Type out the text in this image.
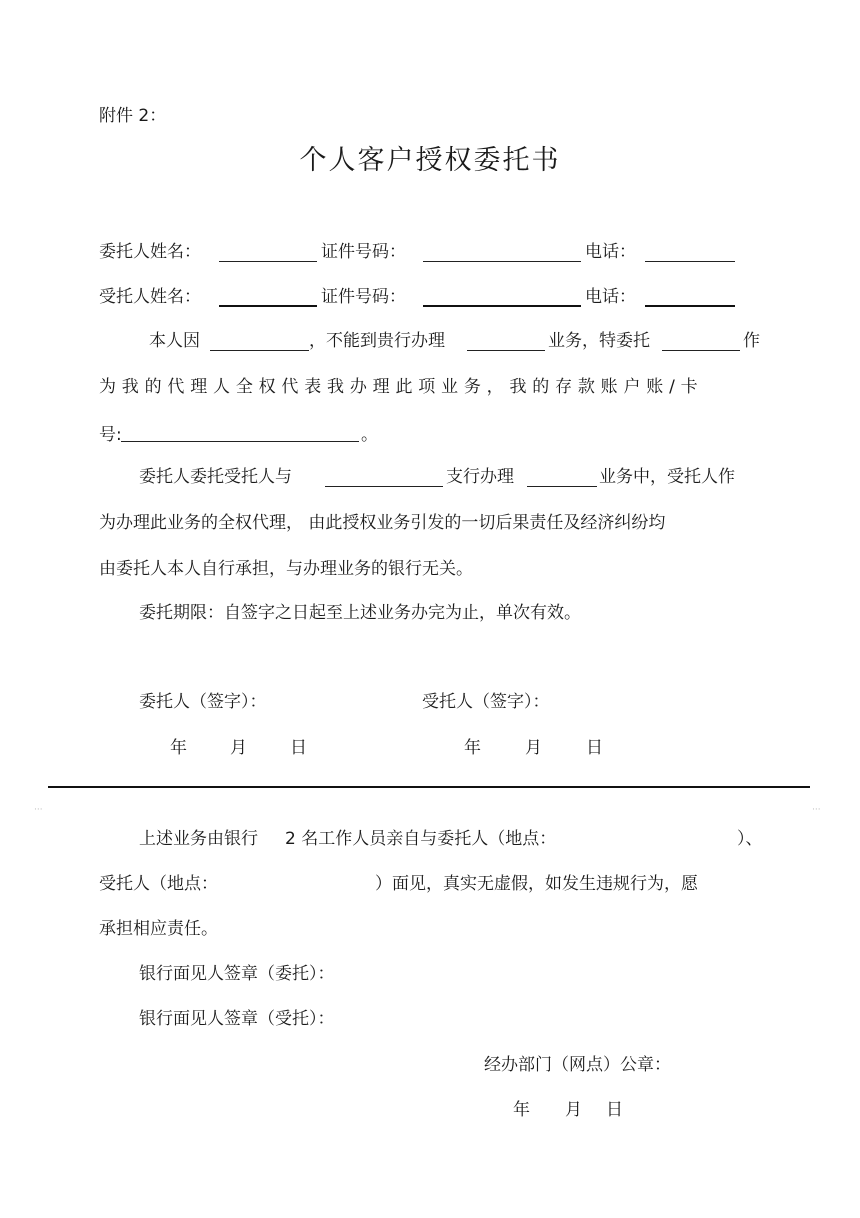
附件 2：
个人客户授权委托书
委托人姓名：	证件号码：	电话：
受托人姓名：	证件号码：	电话：
本人因	，不能到贵行办理	业务，特委托	作
为 我 的 代 理 人 全 权 代 表 我 办 理 此 项 业 务 ， 我 的 存 款 账 户 账 / 卡
号:	。
委托人委托受托人与	支行办理	业务中，受托人作
为办理此业务的全权代理， 由此授权业务引发的一切后果责任及经济纠纷均
由委托人本人自行承担，与办理业务的银行无关。
委托期限：自签字之日起至上述业务办完为止，单次有效。
委托人（签字）：	受托人（签字）：
年	月	日	年	月	日
···	···
上述业务由银行 2 名工作人员亲自与委托人（地点：	）、
受托人（地点：	）面见，真实无虚假，如发生违规行为，愿
承担相应责任。
银行面见人签章（委托）：
银行面见人签章（受托）：
经办部门（网点）公章：
年 月 日
